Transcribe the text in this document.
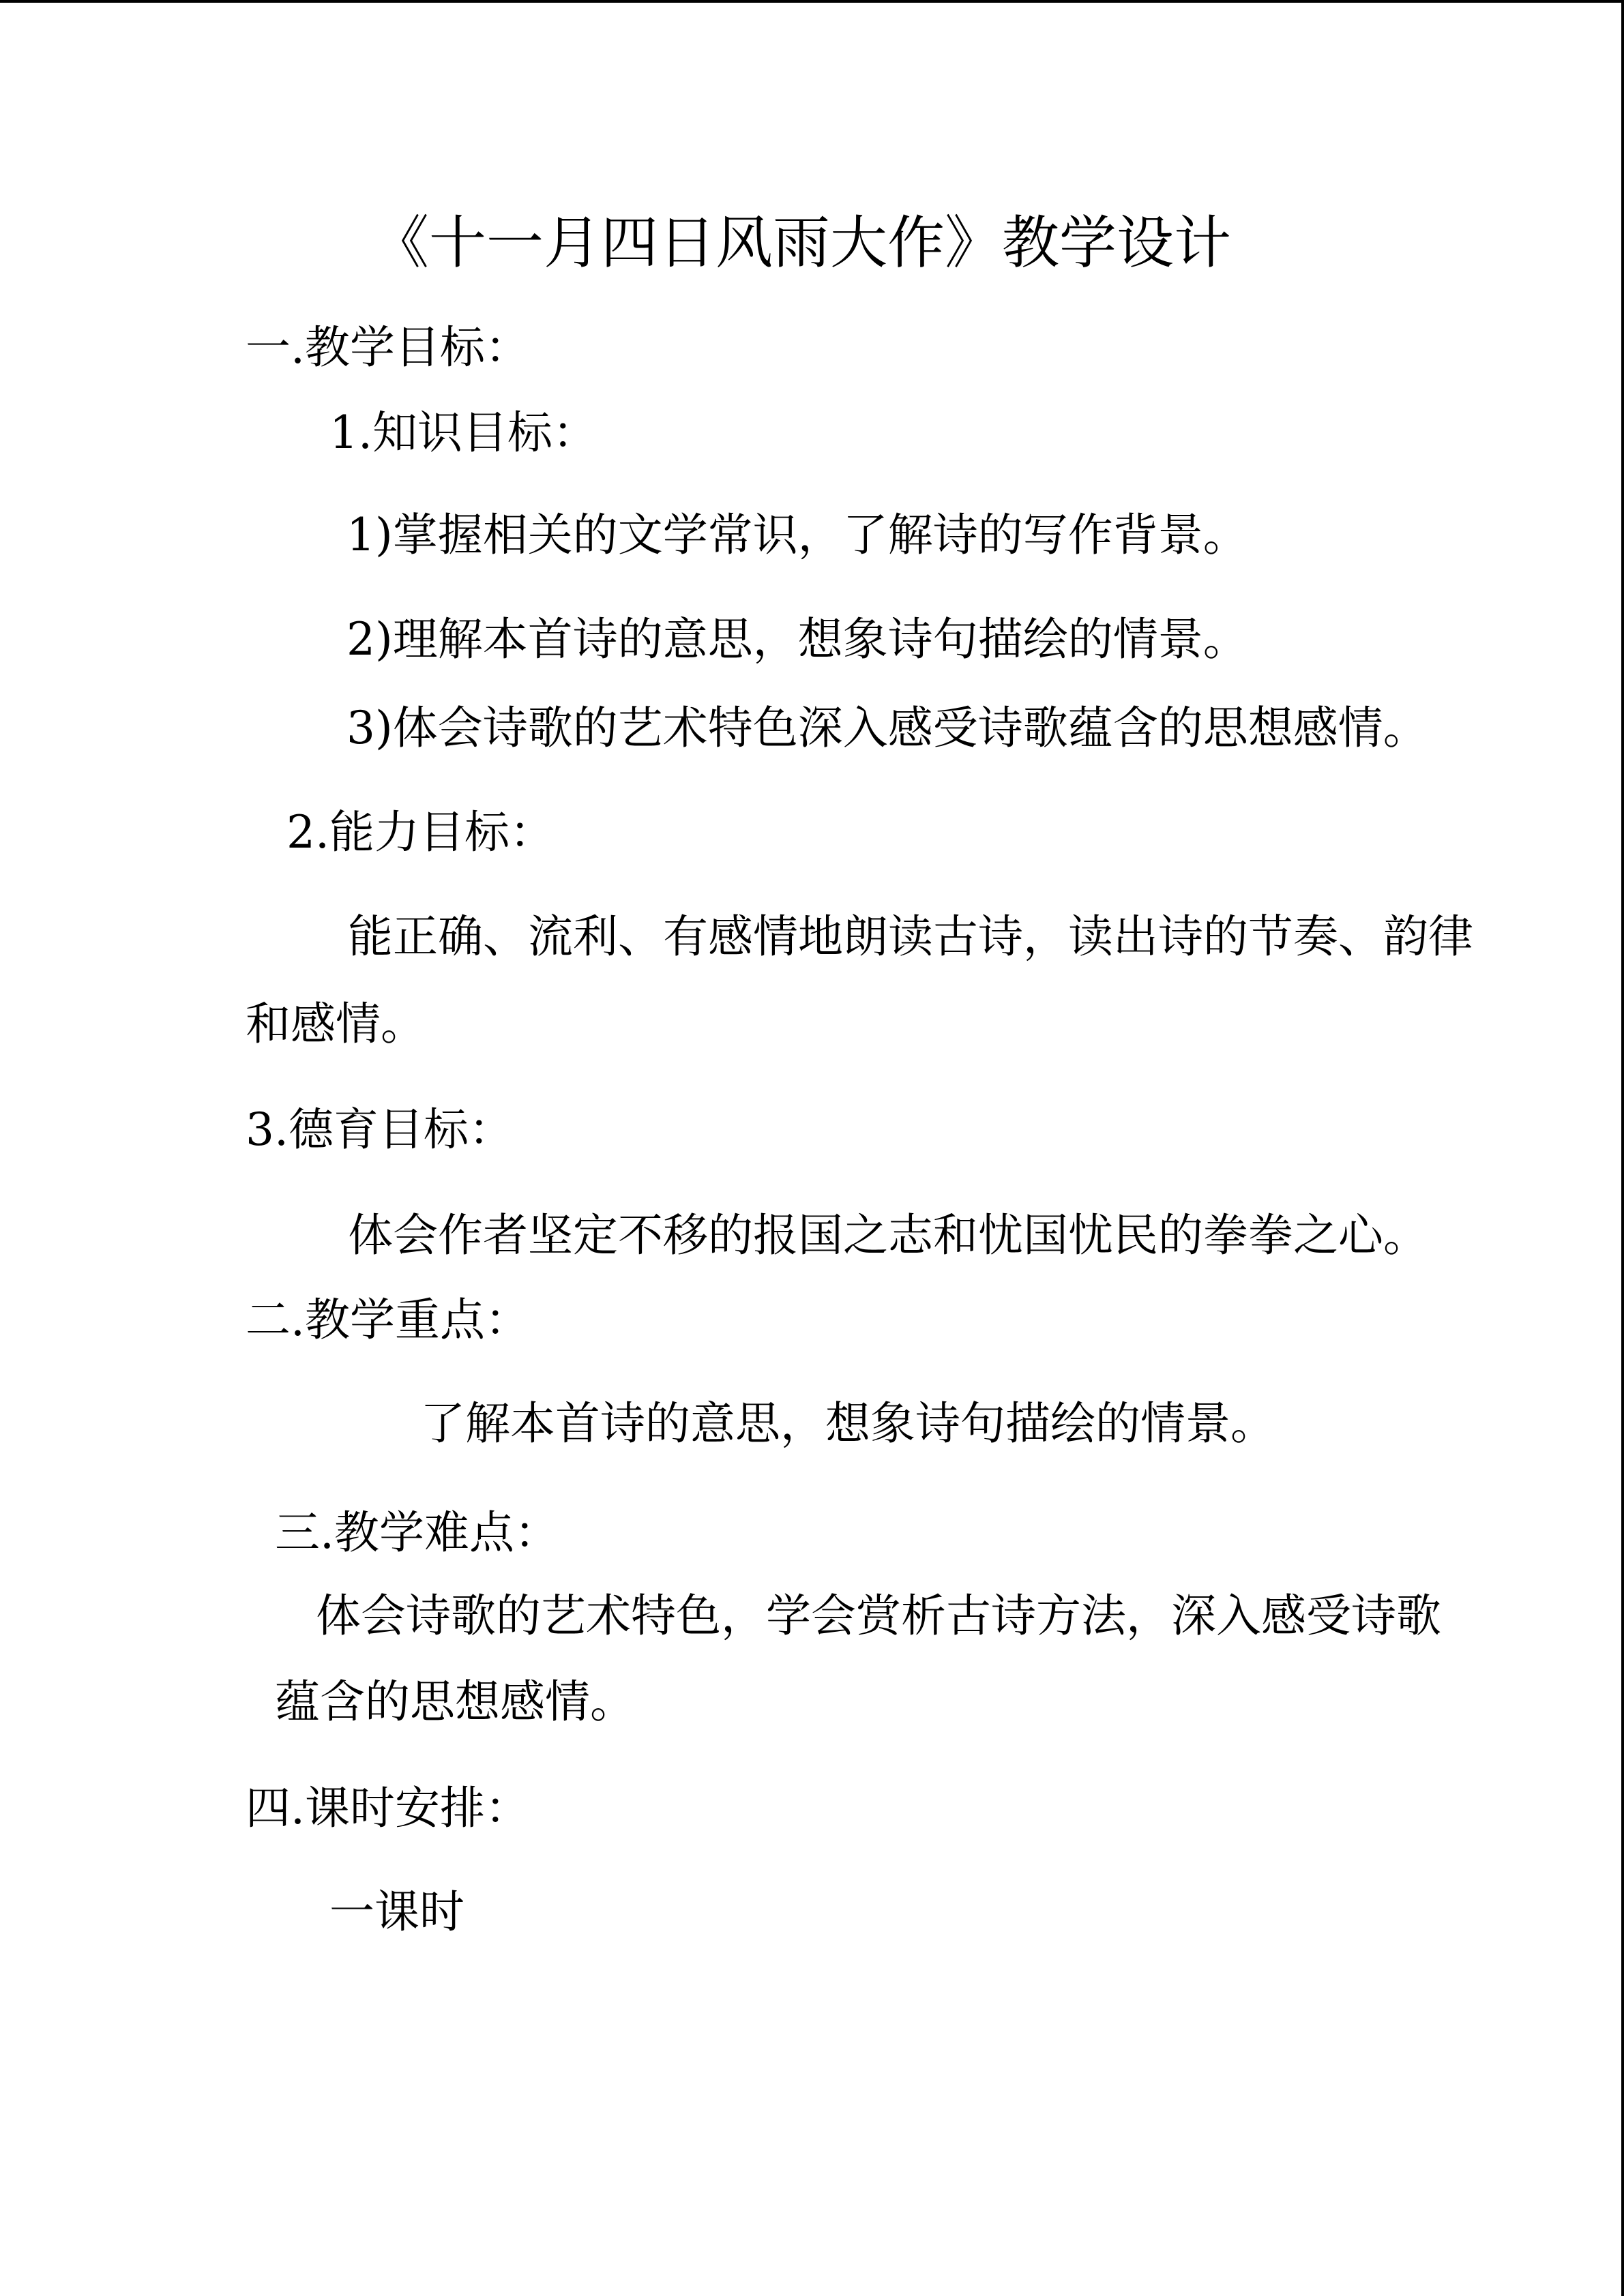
《十一月四日风雨大作》教学设计
一.教学目标：
1.知识目标：
1)掌握相关的文学常识，了解诗的写作背景。
2)理解本首诗的意思，想象诗句描绘的情景。
3)体会诗歌的艺术特色深入感受诗歌蕴含的思想感情。
2.能力目标：
能正确、流利、有感情地朗读古诗，读出诗的节奏、韵律
和感情。
3.德育目标：
体会作者坚定不移的报国之志和忧国忧民的拳拳之心。
二.教学重点：
了解本首诗的意思，想象诗句描绘的情景。
三.教学难点：
体会诗歌的艺术特色，学会赏析古诗方法，深入感受诗歌
蕴含的思想感情。
四.课时安排：
一课时
